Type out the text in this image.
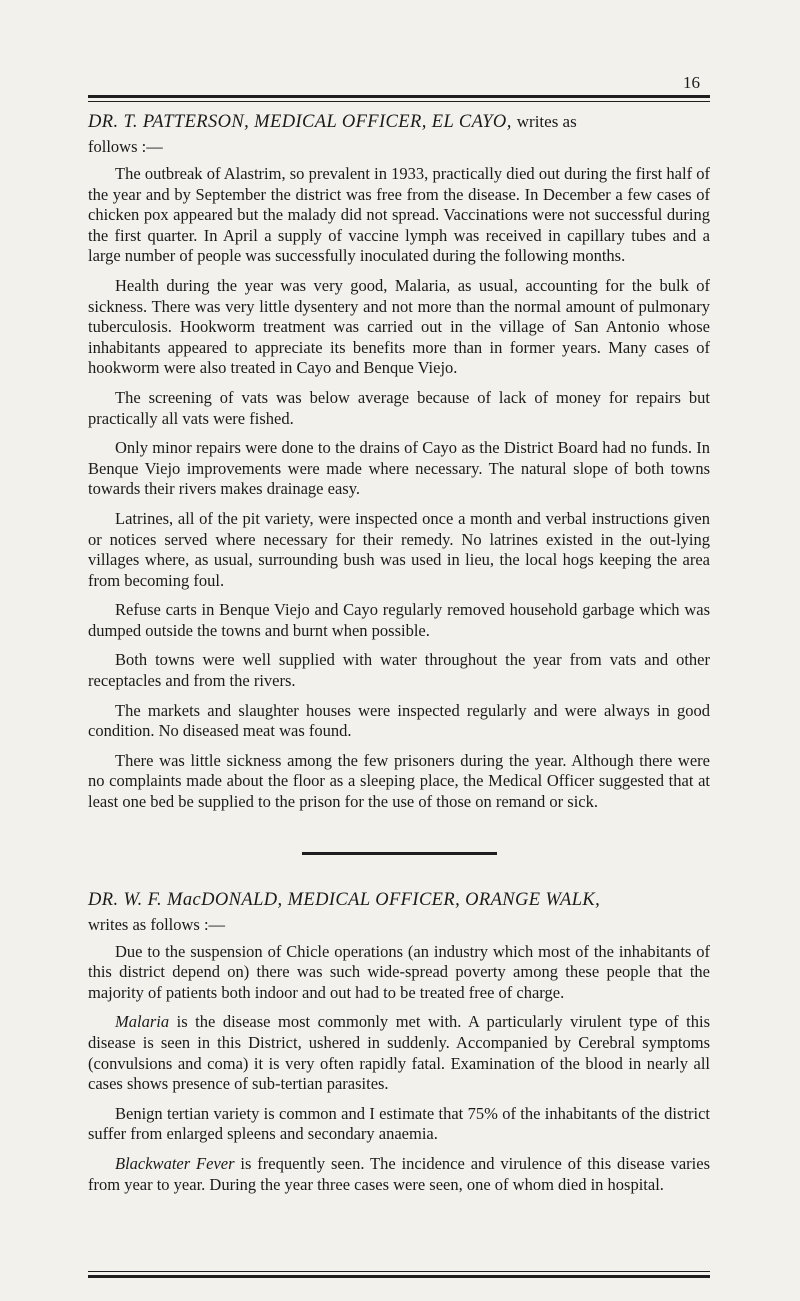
16
DR. T. PATTERSON, MEDICAL OFFICER, EL CAYO, writes as
follows :—

The outbreak of Alastrim, so prevalent in 1933, practically died out during the first half of the year and by September the district was free from the disease. In December a few cases of chicken pox appeared but the malady did not spread. Vaccinations were not successful during the first quarter. In April a supply of vaccine lymph was received in capillary tubes and a large number of people was successfully inoculated during the following months.

Health during the year was very good, Malaria, as usual, accounting for the bulk of sickness. There was very little dysentery and not more than the normal amount of pulmonary tuberculosis. Hookworm treatment was carried out in the village of San Antonio whose inhabitants appeared to appreciate its benefits more than in former years. Many cases of hookworm were also treated in Cayo and Benque Viejo.

The screening of vats was below average because of lack of money for repairs but practically all vats were fished.

Only minor repairs were done to the drains of Cayo as the District Board had no funds. In Benque Viejo improvements were made where necessary. The natural slope of both towns towards their rivers makes drainage easy.

Latrines, all of the pit variety, were inspected once a month and verbal instructions given or notices served where necessary for their remedy. No latrines existed in the out-lying villages where, as usual, surrounding bush was used in lieu, the local hogs keeping the area from becoming foul.

Refuse carts in Benque Viejo and Cayo regularly removed household garbage which was dumped outside the towns and burnt when possible.

Both towns were well supplied with water throughout the year from vats and other receptacles and from the rivers.

The markets and slaughter houses were inspected regularly and were always in good condition. No diseased meat was found.

There was little sickness among the few prisoners during the year. Although there were no complaints made about the floor as a sleeping place, the Medical Officer suggested that at least one bed be supplied to the prison for the use of those on remand or sick.

DR. W. F. MacDONALD, MEDICAL OFFICER, ORANGE WALK,
writes as follows :—

Due to the suspension of Chicle operations (an industry which most of the inhabitants of this district depend on) there was such wide-spread poverty among these people that the majority of patients both indoor and out had to be treated free of charge.

Malaria is the disease most commonly met with. A particularly virulent type of this disease is seen in this District, ushered in suddenly. Accompanied by Cerebral symptoms (convulsions and coma) it is very often rapidly fatal. Examination of the blood in nearly all cases shows presence of sub-tertian parasites.

Benign tertian variety is common and I estimate that 75% of the inhabitants of the district suffer from enlarged spleens and secondary anaemia.

Blackwater Fever is frequently seen. The incidence and virulence of this disease varies from year to year. During the year three cases were seen, one of whom died in hospital.
